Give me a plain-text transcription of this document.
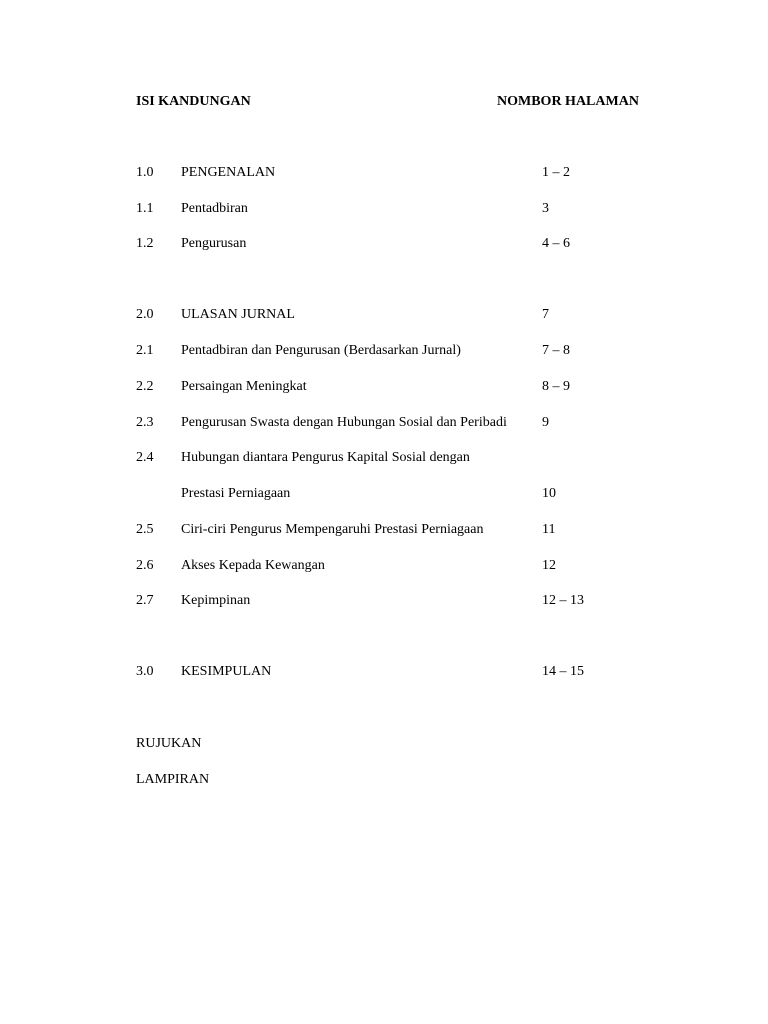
ISI KANDUNGAN	NOMBOR HALAMAN
1.0 PENGENALAN	1 – 2
1.1 Pentadbiran	3
1.2 Pengurusan	4 – 6
2.0 ULASAN JURNAL	7
2.1 Pentadbiran dan Pengurusan (Berdasarkan Jurnal)	7 – 8
2.2 Persaingan Meningkat	8 – 9
2.3 Pengurusan Swasta dengan Hubungan Sosial dan Peribadi	9
2.4 Hubungan diantara Pengurus Kapital Sosial dengan
Prestasi Perniagaan	10
2.5 Ciri-ciri Pengurus Mempengaruhi Prestasi Perniagaan	11
2.6 Akses Kepada Kewangan	12
2.7 Kepimpinan	12 – 13
3.0 KESIMPULAN	14 – 15
RUJUKAN
LAMPIRAN
